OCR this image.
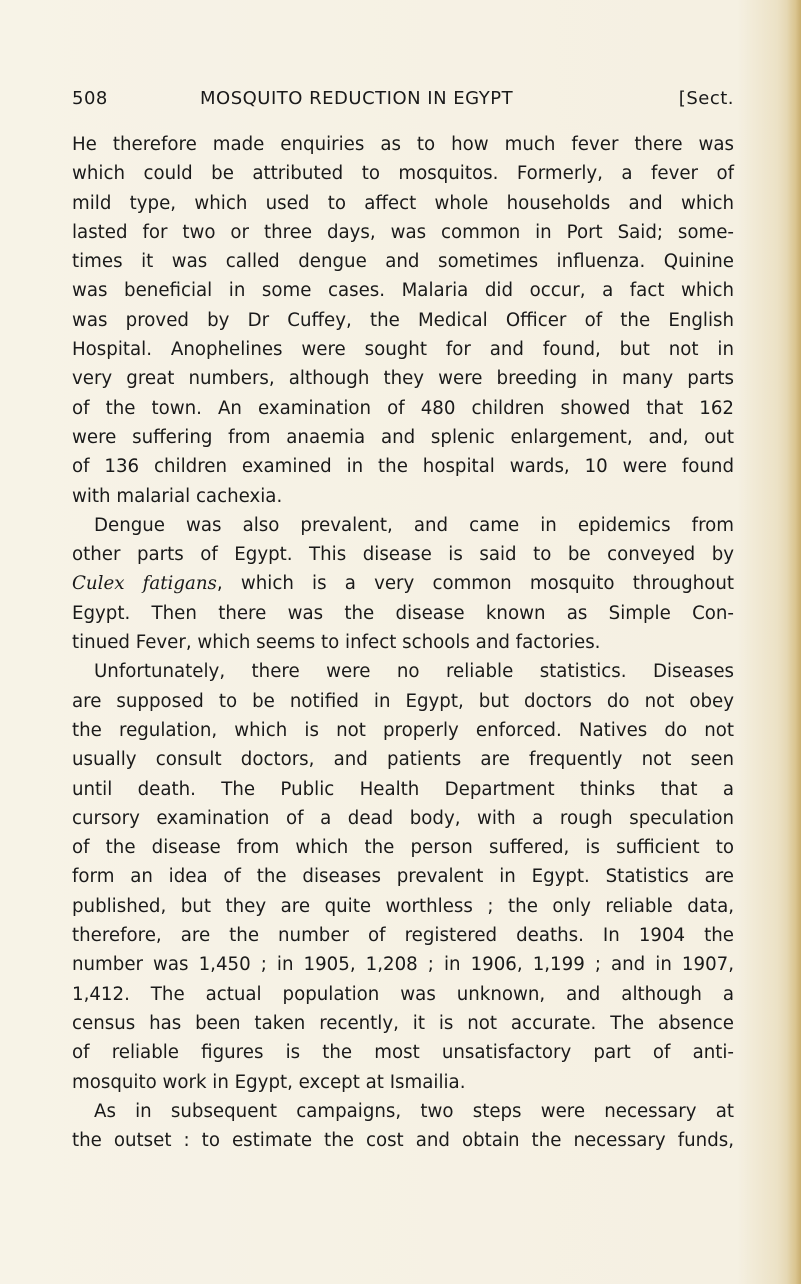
508	MOSQUITO REDUCTION IN EGYPT	[Sect.
He therefore made enquiries as to how much fever there was
which could be attributed to mosquitos. Formerly, a fever of
mild type, which used to affect whole households and which
lasted for two or three days, was common in Port Said; some-
times it was called dengue and sometimes influenza. Quinine
was beneficial in some cases. Malaria did occur, a fact which
was proved by Dr Cuffey, the Medical Officer of the English
Hospital. Anophelines were sought for and found, but not in
very great numbers, although they were breeding in many parts
of the town. An examination of 480 children showed that 162
were suffering from anaemia and splenic enlargement, and, out
of 136 children examined in the hospital wards, 10 were found
with malarial cachexia.
Dengue was also prevalent, and came in epidemics from
other parts of Egypt. This disease is said to be conveyed by
Culex fatigans, which is a very common mosquito throughout
Egypt. Then there was the disease known as Simple Con-
tinued Fever, which seems to infect schools and factories.
Unfortunately, there were no reliable statistics. Diseases
are supposed to be notified in Egypt, but doctors do not obey
the regulation, which is not properly enforced. Natives do not
usually consult doctors, and patients are frequently not seen
until death. The Public Health Department thinks that a
cursory examination of a dead body, with a rough speculation
of the disease from which the person suffered, is sufficient to
form an idea of the diseases prevalent in Egypt. Statistics are
published, but they are quite worthless ; the only reliable data,
therefore, are the number of registered deaths. In 1904 the
number was 1,450 ; in 1905, 1,208 ; in 1906, 1,199 ; and in 1907,
1,412. The actual population was unknown, and although a
census has been taken recently, it is not accurate. The absence
of reliable figures is the most unsatisfactory part of anti-
mosquito work in Egypt, except at Ismailia.
As in subsequent campaigns, two steps were necessary at
the outset : to estimate the cost and obtain the necessary funds,
